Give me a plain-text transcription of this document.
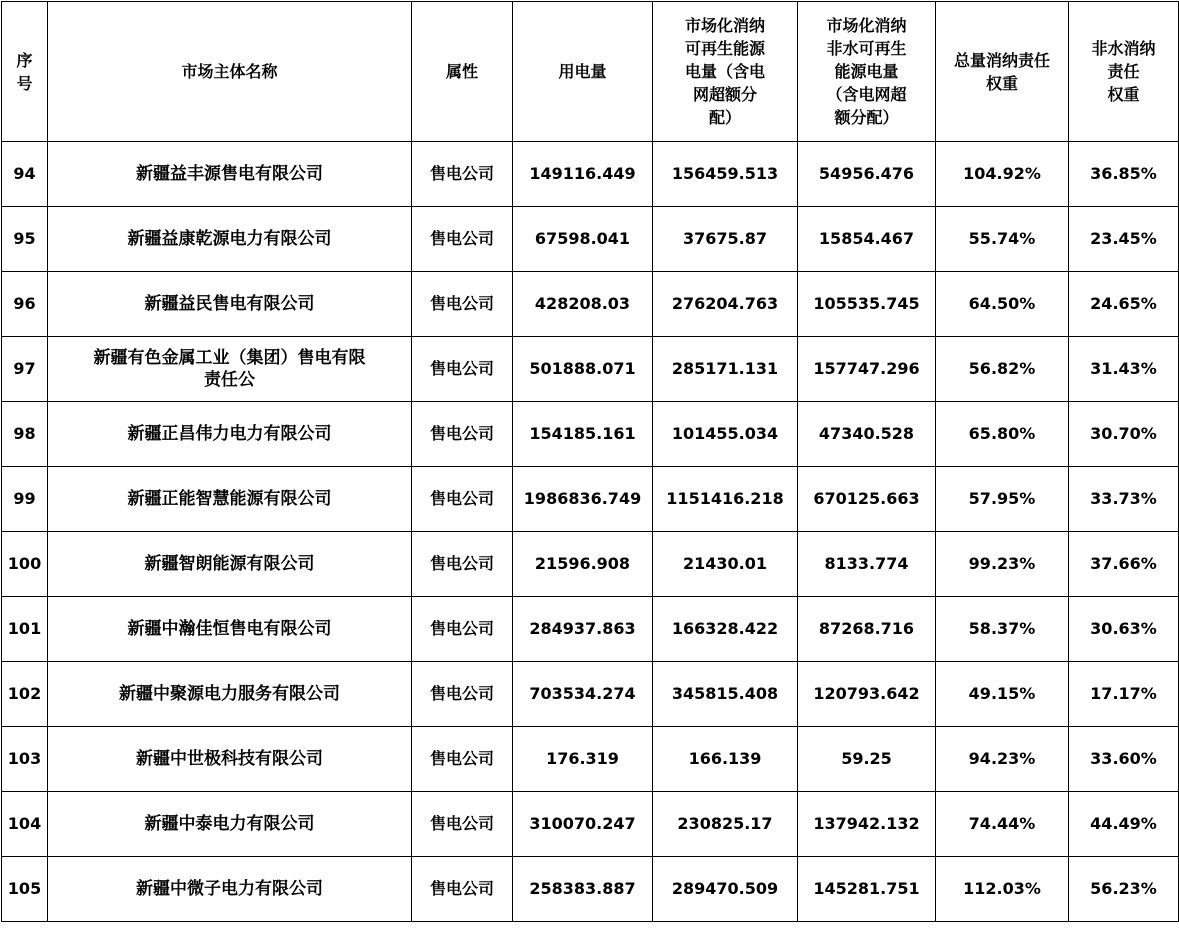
序
号	市场主体名称	属性	用电量	市场化消纳
可再生能源
电量（含电
网超额分
配）	市场化消纳
非水可再生
能源电量
（含电网超
额分配）	总量消纳责任
权重	非水消纳
责任
权重
94	新疆益丰源售电有限公司	售电公司	149116.449	156459.513	54956.476	104.92%	36.85%
95	新疆益康乾源电力有限公司	售电公司	67598.041	37675.87	15854.467	55.74%	23.45%
96	新疆益民售电有限公司	售电公司	428208.03	276204.763	105535.745	64.50%	24.65%
97	新疆有色金属工业（集团）售电有限
责任公	售电公司	501888.071	285171.131	157747.296	56.82%	31.43%
98	新疆正昌伟力电力有限公司	售电公司	154185.161	101455.034	47340.528	65.80%	30.70%
99	新疆正能智慧能源有限公司	售电公司	1986836.749	1151416.218	670125.663	57.95%	33.73%
100	新疆智朗能源有限公司	售电公司	21596.908	21430.01	8133.774	99.23%	37.66%
101	新疆中瀚佳恒售电有限公司	售电公司	284937.863	166328.422	87268.716	58.37%	30.63%
102	新疆中聚源电力服务有限公司	售电公司	703534.274	345815.408	120793.642	49.15%	17.17%
103	新疆中世极科技有限公司	售电公司	176.319	166.139	59.25	94.23%	33.60%
104	新疆中泰电力有限公司	售电公司	310070.247	230825.17	137942.132	74.44%	44.49%
105	新疆中微子电力有限公司	售电公司	258383.887	289470.509	145281.751	112.03%	56.23%
